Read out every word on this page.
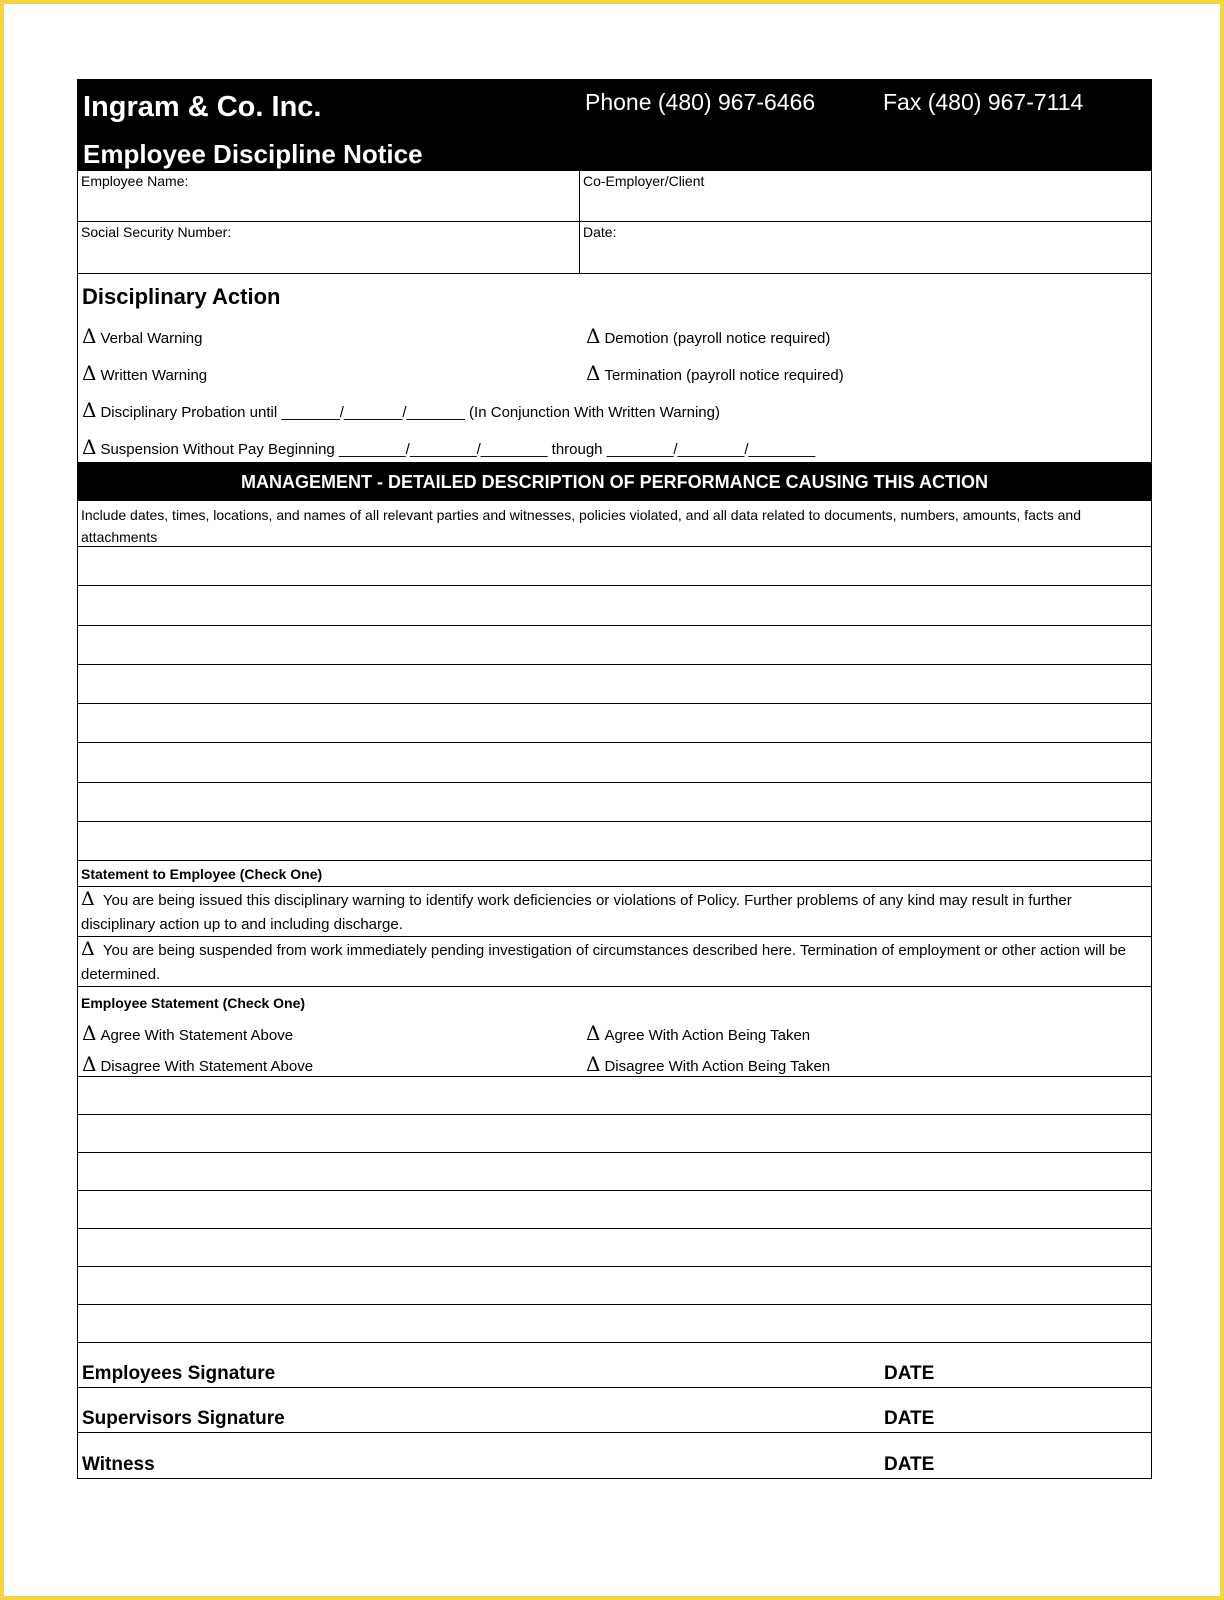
Ingram & Co. Inc.	Phone (480) 967-6466	Fax (480) 967-7114
Employee Discipline Notice
Employee Name:	Co-Employer/Client
Social Security Number:	Date:
Disciplinary Action
Δ Verbal Warning	Δ Demotion (payroll notice required)
Δ Written Warning	Δ Termination (payroll notice required)
Δ Disciplinary Probation until _______/_______/_______ (In Conjunction With Written Warning)
Δ Suspension Without Pay Beginning ________/________/________ through ________/________/________
MANAGEMENT - DETAILED DESCRIPTION OF PERFORMANCE CAUSING THIS ACTION
Include dates, times, locations, and names of all relevant parties and witnesses, policies violated, and all data related to documents, numbers, amounts, facts and attachments
Statement to Employee (Check One)
Δ You are being issued this disciplinary warning to identify work deficiencies or violations of Policy. Further problems of any kind may result in further disciplinary action up to and including discharge.
Δ You are being suspended from work immediately pending investigation of circumstances described here. Termination of employment or other action will be determined.
Employee Statement (Check One)
Δ Agree With Statement Above	Δ Agree With Action Being Taken
Δ Disagree With Statement Above	Δ Disagree With Action Being Taken
Employees Signature	DATE
Supervisors Signature	DATE
Witness	DATE
